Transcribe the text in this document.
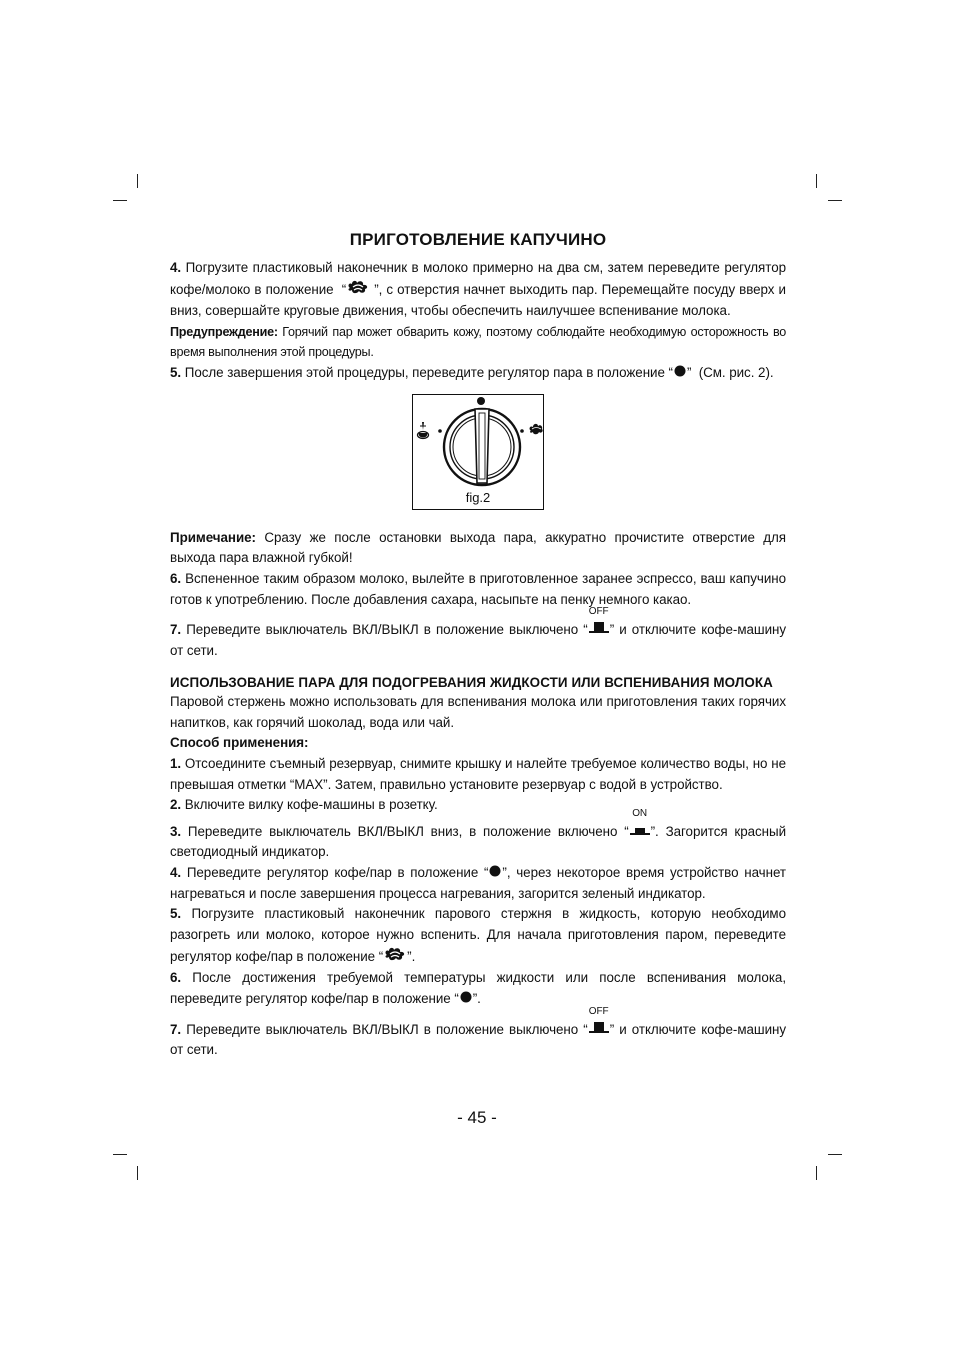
ПРИГОТОВЛЕНИЕ КАПУЧИНО

4. Погрузите пластиковый наконечник в молоко примерно на два см, затем переведите регулятор кофе/молоко в положение  “ ”, с отверстия начнет выходить пар. Перемещайте посуду вверх и вниз, совершайте круговые движения, чтобы обеспечить наилучшее вспенивание молока.

Предупреждение: Горячий пар может обварить кожу, поэтому соблюдайте необходимую осторожность во время выполнения этой процедуры.

5. После завершения этой процедуры, переведите регулятор пара в положение “ ”  (См. рис. 2).

fig.2

Примечание: Сразу же после остановки выхода пара, аккуратно прочистите отверстие для выхода пара влажной губкой!

6. Вспененное таким образом молоко, вылейте в приготовленное заранее эспрессо, ваш капучино готов к употреблению. После добавления сахара, насыпьте на пенку немного какао.

7. Переведите выключатель ВКЛ/ВЫКЛ в положение выключено “
OFF
” и отключите кофе-машину от сети.

ИСПОЛЬЗОВАНИЕ ПАРА ДЛЯ ПОДОГРЕВАНИЯ ЖИДКОСТИ ИЛИ ВСПЕНИВАНИЯ МОЛОКА

Паровой стержень можно использовать для вспенивания молока или приготовления таких горячих напитков, как горячий шоколад, вода или чай.

Способ применения:

1. Отсоедините съемный резервуар, снимите крышку и налейте требуемое количество воды, но не превышая отметки “MAX”. Затем, правильно установите резервуар с водой в устройство.

2. Включите вилку кофе-машины в розетку.

3. Переведите выключатель ВКЛ/ВЫКЛ вниз, в положение включено “
ON
”. Загорится красный светодиодный индикатор.

4. Переведите регулятор кофе/пар в положение “ ”, через некоторое время устройство начнет нагреваться и после завершения процесса нагревания, загорится зеленый индикатор.

5. Погрузите пластиковый наконечник парового стержня в жидкость, которую необходимо разогреть или молоко, которое нужно вспенить. Для начала приготовления паром, переведите регулятор кофе/пар в положение “ ”.

6. После достижения требуемой температуры жидкости или после вспенивания молока, переведите регулятор кофе/пар в положение “ ”.

7. Переведите выключатель ВКЛ/ВЫКЛ в положение выключено “
OFF
” и отключите кофе-машину от сети.

- 45 -
